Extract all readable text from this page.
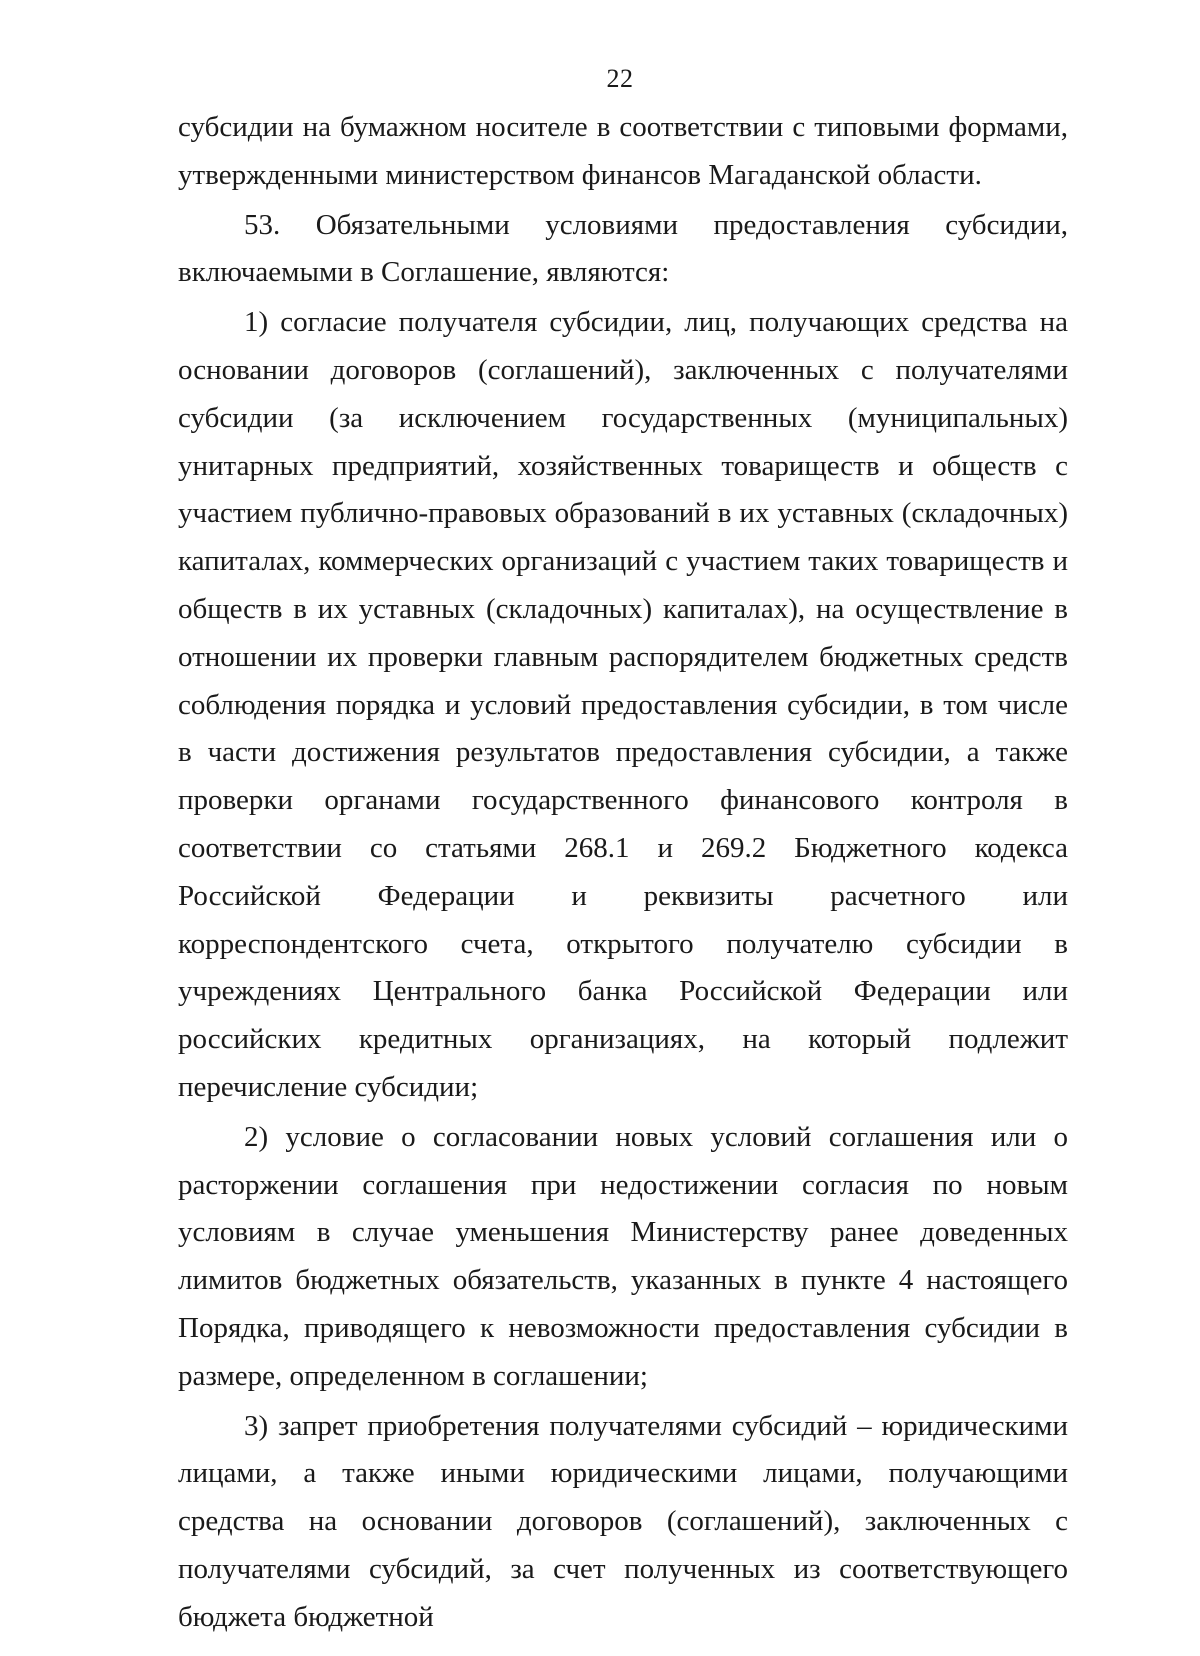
22

субсидии на бумажном носителе в соответствии с типовыми формами, утвержденными министерством финансов Магаданской области.

53. Обязательными условиями предоставления субсидии, включаемыми в Соглашение, являются:

1) согласие получателя субсидии, лиц, получающих средства на основании договоров (соглашений), заключенных с получателями субсидии (за исключением государственных (муниципальных) унитарных предприятий, хозяйственных товариществ и обществ с участием публично-правовых образований в их уставных (складочных) капиталах, коммерческих организаций с участием таких товариществ и обществ в их уставных (складочных) капиталах), на осуществление в отношении их проверки главным распорядителем бюджетных средств соблюдения порядка и условий предоставления субсидии, в том числе в части достижения результатов предоставления субсидии, а также проверки органами государственного финансового контроля в соответствии со статьями 268.1 и 269.2 Бюджетного кодекса Российской Федерации и реквизиты расчетного или корреспондентского счета, открытого получателю субсидии в учреждениях Центрального банка Российской Федерации или российских кредитных организациях, на который подлежит перечисление субсидии;

2) условие о согласовании новых условий соглашения или о расторжении соглашения при недостижении согласия по новым условиям в случае уменьшения Министерству ранее доведенных лимитов бюджетных обязательств, указанных в пункте 4 настоящего Порядка, приводящего к невозможности предоставления субсидии в размере, определенном в соглашении;

3) запрет приобретения получателями субсидий – юридическими лицами, а также иными юридическими лицами, получающими средства на основании договоров (соглашений), заключенных с получателями субсидий, за счет полученных из соответствующего бюджета бюджетной
